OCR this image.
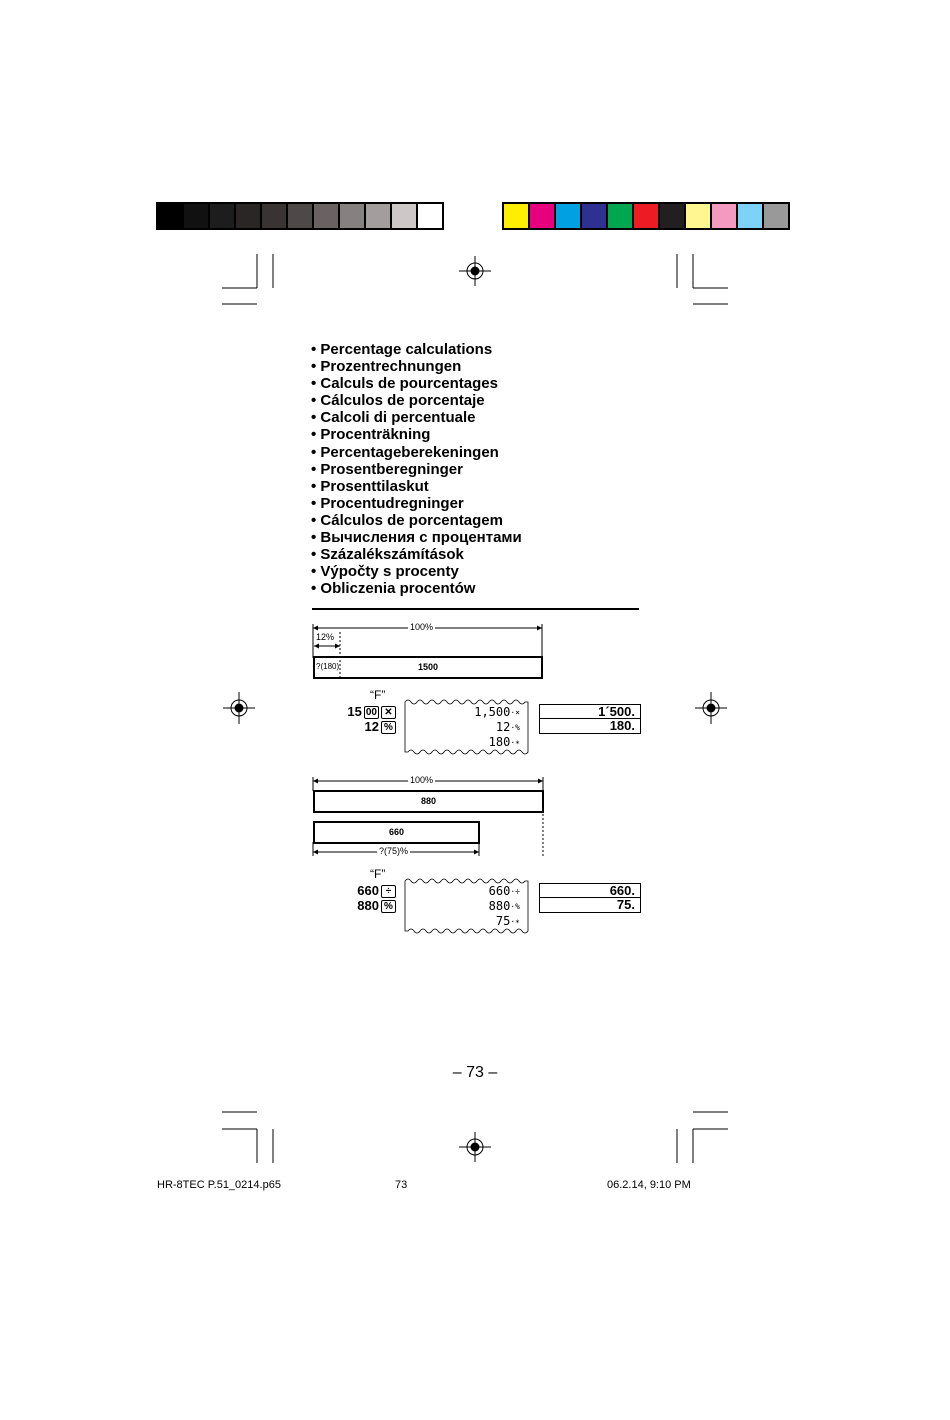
• Percentage calculations
• Prozentrechnungen
• Calculs de pourcentages
• Cálculos de porcentaje
• Calcoli di percentuale
• Procenträkning
• Percentageberekeningen
• Prosentberegninger
• Prosenttilaskut
• Procentudregninger
• Cálculos de porcentagem
• Вычисления с процентами
• Százalékszámítások
• Výpočty s procenty
• Obliczenia procentów
100%
12%
1500
?(180)
“F”
15 00 ✕
12 %
1,500·×
12·%
180·∗
1´500.
180.
100%
880
660
?(75)%
“F”
660 ÷
880 %
660·÷
880·%
75·∗
660.
75.
– 73 –
HR-8TEC P.51_0214.p65	73	06.2.14, 9:10 PM
